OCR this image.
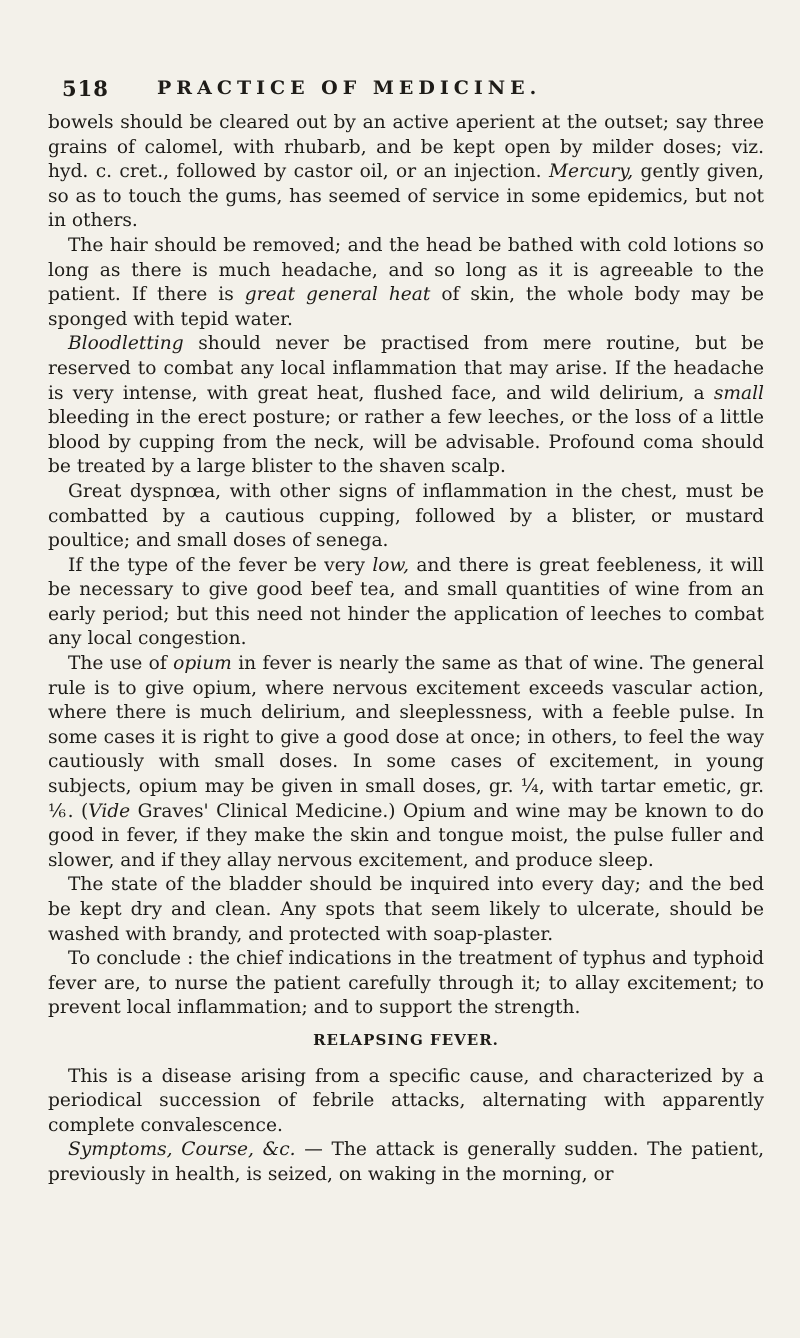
518	PRACTICE OF MEDICINE.

bowels should be cleared out by an active aperient at the outset; say three grains of calomel, with rhubarb, and be kept open by milder doses; viz. hyd. c. cret., followed by castor oil, or an injection. Mercury, gently given, so as to touch the gums, has seemed of service in some epidemics, but not in others.

The hair should be removed; and the head be bathed with cold lotions so long as there is much headache, and so long as it is agreeable to the patient. If there is great general heat of skin, the whole body may be sponged with tepid water.

Bloodletting should never be practised from mere routine, but be reserved to combat any local inflammation that may arise. If the headache is very intense, with great heat, flushed face, and wild delirium, a small bleeding in the erect posture; or rather a few leeches, or the loss of a little blood by cupping from the neck, will be advisable. Profound coma should be treated by a large blister to the shaven scalp.

Great dyspnœa, with other signs of inflammation in the chest, must be combatted by a cautious cupping, followed by a blister, or mustard poultice; and small doses of senega.

If the type of the fever be very low, and there is great feebleness, it will be necessary to give good beef tea, and small quantities of wine from an early period; but this need not hinder the application of leeches to combat any local congestion.

The use of opium in fever is nearly the same as that of wine. The general rule is to give opium, where nervous excitement exceeds vascular action, where there is much delirium, and sleeplessness, with a feeble pulse. In some cases it is right to give a good dose at once; in others, to feel the way cautiously with small doses. In some cases of excitement, in young subjects, opium may be given in small doses, gr. ¼, with tartar emetic, gr. ⅙. (Vide Graves' Clinical Medicine.) Opium and wine may be known to do good in fever, if they make the skin and tongue moist, the pulse fuller and slower, and if they allay nervous excitement, and produce sleep.

The state of the bladder should be inquired into every day; and the bed be kept dry and clean. Any spots that seem likely to ulcerate, should be washed with brandy, and protected with soap-plaster.

To conclude : the chief indications in the treatment of typhus and typhoid fever are, to nurse the patient carefully through it; to allay excitement; to prevent local inflammation; and to support the strength.

RELAPSING FEVER.

This is a disease arising from a specific cause, and characterized by a periodical succession of febrile attacks, alternating with apparently complete convalescence.

Symptoms, Course, &c. — The attack is generally sudden. The patient, previously in health, is seized, on waking in the morning, or
